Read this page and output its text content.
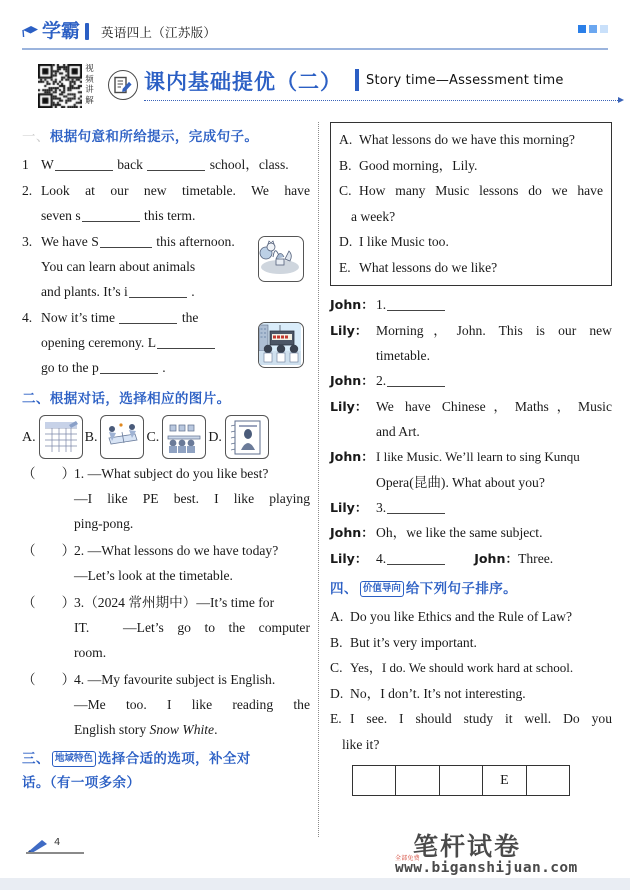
学霸 英语四上（江苏版）
视频讲解
课内基础提优（二） Story time—Assessment time
一、根据句意和所给提示，完成句子。
1 W	back	school，class.
2. Look at our new timetable. We have
seven s	this term.
3. We have S	this afternoon.
You can learn about animals
and plants. It’s i	.
4. Now it’s time	the
opening ceremony. L
go to the p	.
二、根据对话，选择相应的图片。
A.	B.	C.	D.
（ ）
1. —What subject do you like best?
—I like PE best. I like playing
ping-pong.
（ ）
2. —What lessons do we have today?
—Let’s look at the timetable.
（ ）
3.（2024 常州期中）—It’s time for
IT.　—Let’s go to the computer
room.
（ ）
4. —My favourite subject is English.
—Me too. I like reading the
English story Snow White.
三、 地域特色 选择合适的选项，补全对
话。（有一项多余）
A. What lessons do we have this morning?
B. Good morning，Lily.
C. How many Music lessons do we have
a week?
D. I like Music too.
E. What lessons do we like?
John： 1.
Lily： Morning，John. This is our new
timetable.
John： 2.
Lily： We have Chinese，Maths，Music
and Art.
John： I like Music. We’ll learn to sing Kunqu
Opera(昆曲). What about you?
Lily： 3.
John： Oh，we like the same subject.
Lily： 4.	John：Three.
四、 价值导向 给下列句子排序。
A. Do you like Ethics and the Rule of Law?
B. But it’s very important.
C. Yes，I do. We should work hard at school.
D. No，I don’t. It’s not interesting.
E. I see. I should study it well. Do you
like it?
E
4	笔杆试卷
www.biganshijuan.com
全部免费
